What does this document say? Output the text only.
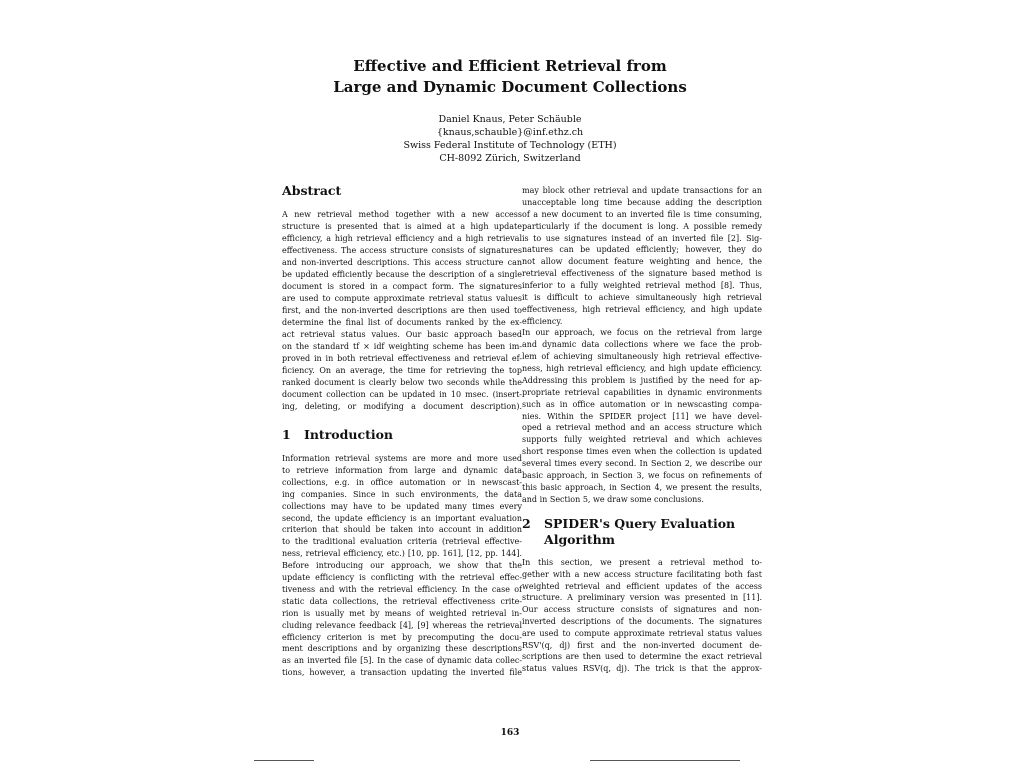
Effective and Efficient Retrieval from
Large and Dynamic Document Collections
Daniel Knaus, Peter Schäuble
{knaus,schauble}@inf.ethz.ch
Swiss Federal Institute of Technology (ETH)
CH-8092 Zürich, Switzerland
Abstract
A new retrieval method together with a new access
structure is presented that is aimed at a high update
efficiency, a high retrieval efficiency and a high retrieval
effectiveness. The access structure consists of signatures
and non-inverted descriptions. This access structure can
be updated efficiently because the description of a single
document is stored in a compact form. The signatures
are used to compute approximate retrieval status values
first, and the non-inverted descriptions are then used to
determine the final list of documents ranked by the ex-
act retrieval status values. Our basic approach based
on the standard tf × idf weighting scheme has been im-
proved in in both retrieval effectiveness and retrieval ef-
ficiency. On an average, the time for retrieving the top
ranked document is clearly below two seconds while the
document collection can be updated in 10 msec. (insert-
ing, deleting, or modifying a document description).
1 Introduction
Information retrieval systems are more and more used
to retrieve information from large and dynamic data
collections, e.g. in office automation or in newscast-
ing companies. Since in such environments, the data
collections may have to be updated many times every
second, the update efficiency is an important evaluation
criterion that should be taken into account in addition
to the traditional evaluation criteria (retrieval effective-
ness, retrieval efficiency, etc.) [10, pp. 161], [12, pp. 144].
Before introducing our approach, we show that the
update efficiency is conflicting with the retrieval effec-
tiveness and with the retrieval efficiency. In the case of
static data collections, the retrieval effectiveness crite-
rion is usually met by means of weighted retrieval in-
cluding relevance feedback [4], [9] whereas the retrieval
efficiency criterion is met by precomputing the docu-
ment descriptions and by organizing these descriptions
as an inverted file [5]. In the case of dynamic data collec-
tions, however, a transaction updating the inverted file
may block other retrieval and update transactions for an
unacceptable long time because adding the description
of a new document to an inverted file is time consuming,
particularly if the document is long. A possible remedy
is to use signatures instead of an inverted file [2]. Sig-
natures can be updated efficiently; however, they do
not allow document feature weighting and hence, the
retrieval effectiveness of the signature based method is
inferior to a fully weighted retrieval method [8]. Thus,
it is difficult to achieve simultaneously high retrieval
effectiveness, high retrieval efficiency, and high update
efficiency.
In our approach, we focus on the retrieval from large
and dynamic data collections where we face the prob-
lem of achieving simultaneously high retrieval effective-
ness, high retrieval efficiency, and high update efficiency.
Addressing this problem is justified by the need for ap-
propriate retrieval capabilities in dynamic environments
such as in office automation or in newscasting compa-
nies. Within the SPIDER project [11] we have devel-
oped a retrieval method and an access structure which
supports fully weighted retrieval and which achieves
short response times even when the collection is updated
several times every second. In Section 2, we describe our
basic approach, in Section 3, we focus on refinements of
this basic approach, in Section 4, we present the results,
and in Section 5, we draw some conclusions.
2 SPIDER's Query Evaluation
Algorithm
In this section, we present a retrieval method to-
gether with a new access structure facilitating both fast
weighted retrieval and efficient updates of the access
structure. A preliminary version was presented in [11].
Our access structure consists of signatures and non-
inverted descriptions of the documents. The signatures
are used to compute approximate retrieval status values
RSV'(q, dj) first and the non-inverted document de-
scriptions are then used to determine the exact retrieval
status values RSV(q, dj). The trick is that the approx-
163
